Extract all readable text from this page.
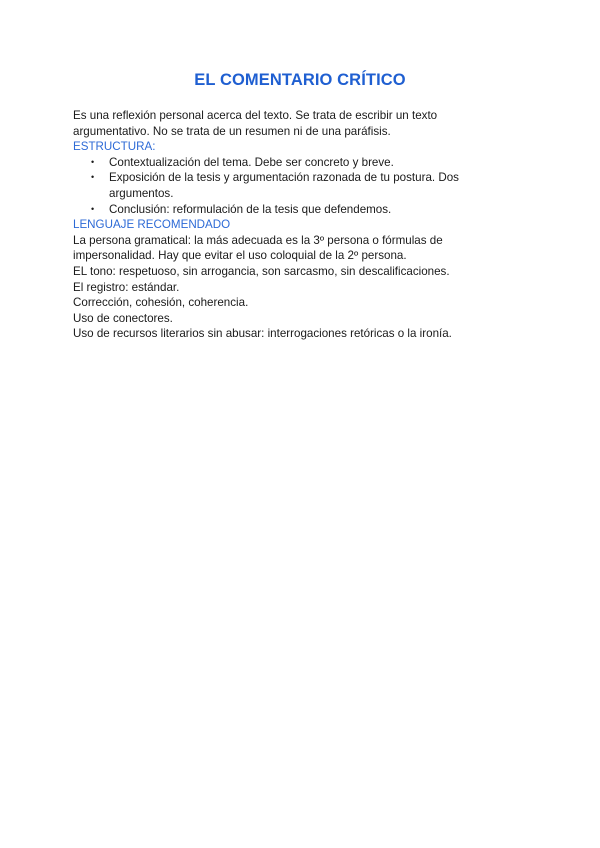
EL COMENTARIO CRÍTICO

Es una reflexión personal acerca del texto. Se trata de escribir un texto

argumentativo. No se trata de un resumen ni de una paráfisis.

ESTRUCTURA:

• Contextualización del tema. Debe ser concreto y breve.
• Exposición de la tesis y argumentación razonada de tu postura. Dos
argumentos.
• Conclusión: reformulación de la tesis que defendemos.

LENGUAJE RECOMENDADO

La persona gramatical: la más adecuada es la 3º persona o fórmulas de

impersonalidad. Hay que evitar el uso coloquial de la 2º persona.

EL tono: respetuoso, sin arrogancia, son sarcasmo, sin descalificaciones.

El registro: estándar.

Corrección, cohesión, coherencia.

Uso de conectores.

Uso de recursos literarios sin abusar: interrogaciones retóricas o la ironía.
